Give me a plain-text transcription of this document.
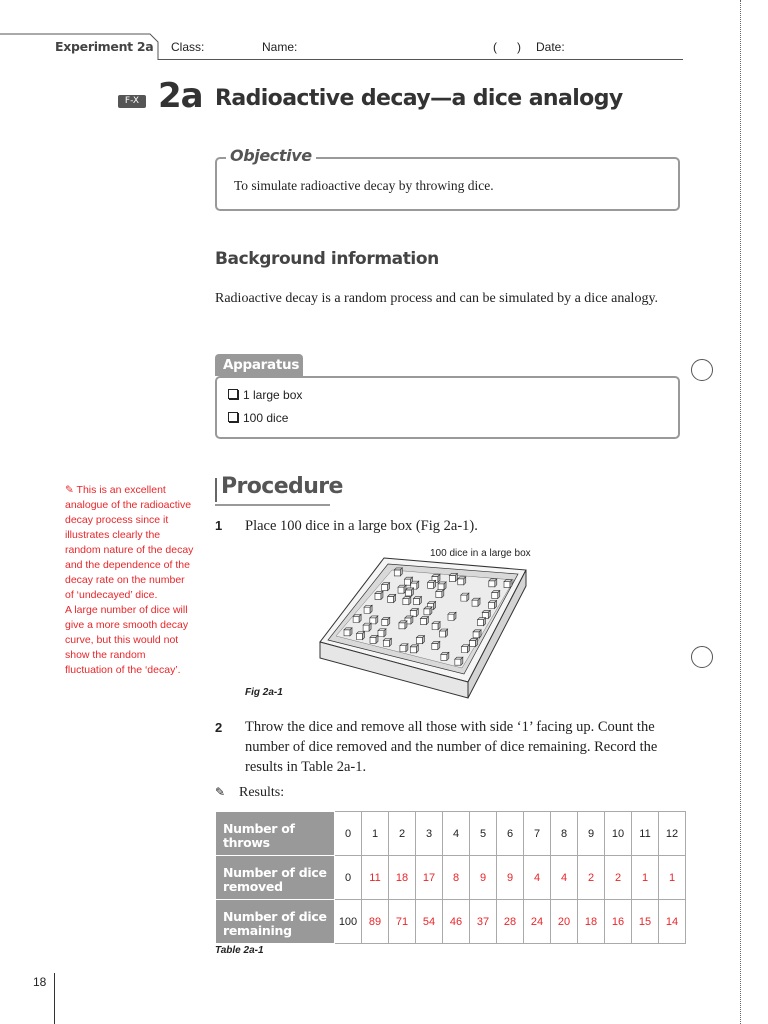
Experiment 2a Class:	Name:	(      ) Date:
F-X 2a Radioactive decay—a dice analogy
Objective
To simulate radioactive decay by throwing dice.
Background information
Radioactive decay is a random process and can be simulated by a dice analogy.
Apparatus
1 large box
100 dice
✎ This is an excellent analogue of the radioactive decay process since it illustrates clearly the random nature of the decay and the dependence of the decay rate on the number of ‘undecayed’ dice.
A large number of dice will give a more smooth decay curve, but this would not show the random fluctuation of the ‘decay’.
Procedure
1 Place 100 dice in a large box (Fig 2a-1).
100 dice in a large box
Fig 2a-1
2 Throw the dice and remove all those with side ‘1’ facing up. Count the number of dice removed and the number of dice remaining. Record the results in Table 2a-1.
✎ Results:
Number of throws	0	1	2	3	4	5	6	7	8	9	10	11	12
Number of dice removed	0	11	18	17	8	9	9	4	4	2	2	1	1
Number of dice remaining	100	89	71	54	46	37	28	24	20	18	16	15	14
Table 2a-1
18
